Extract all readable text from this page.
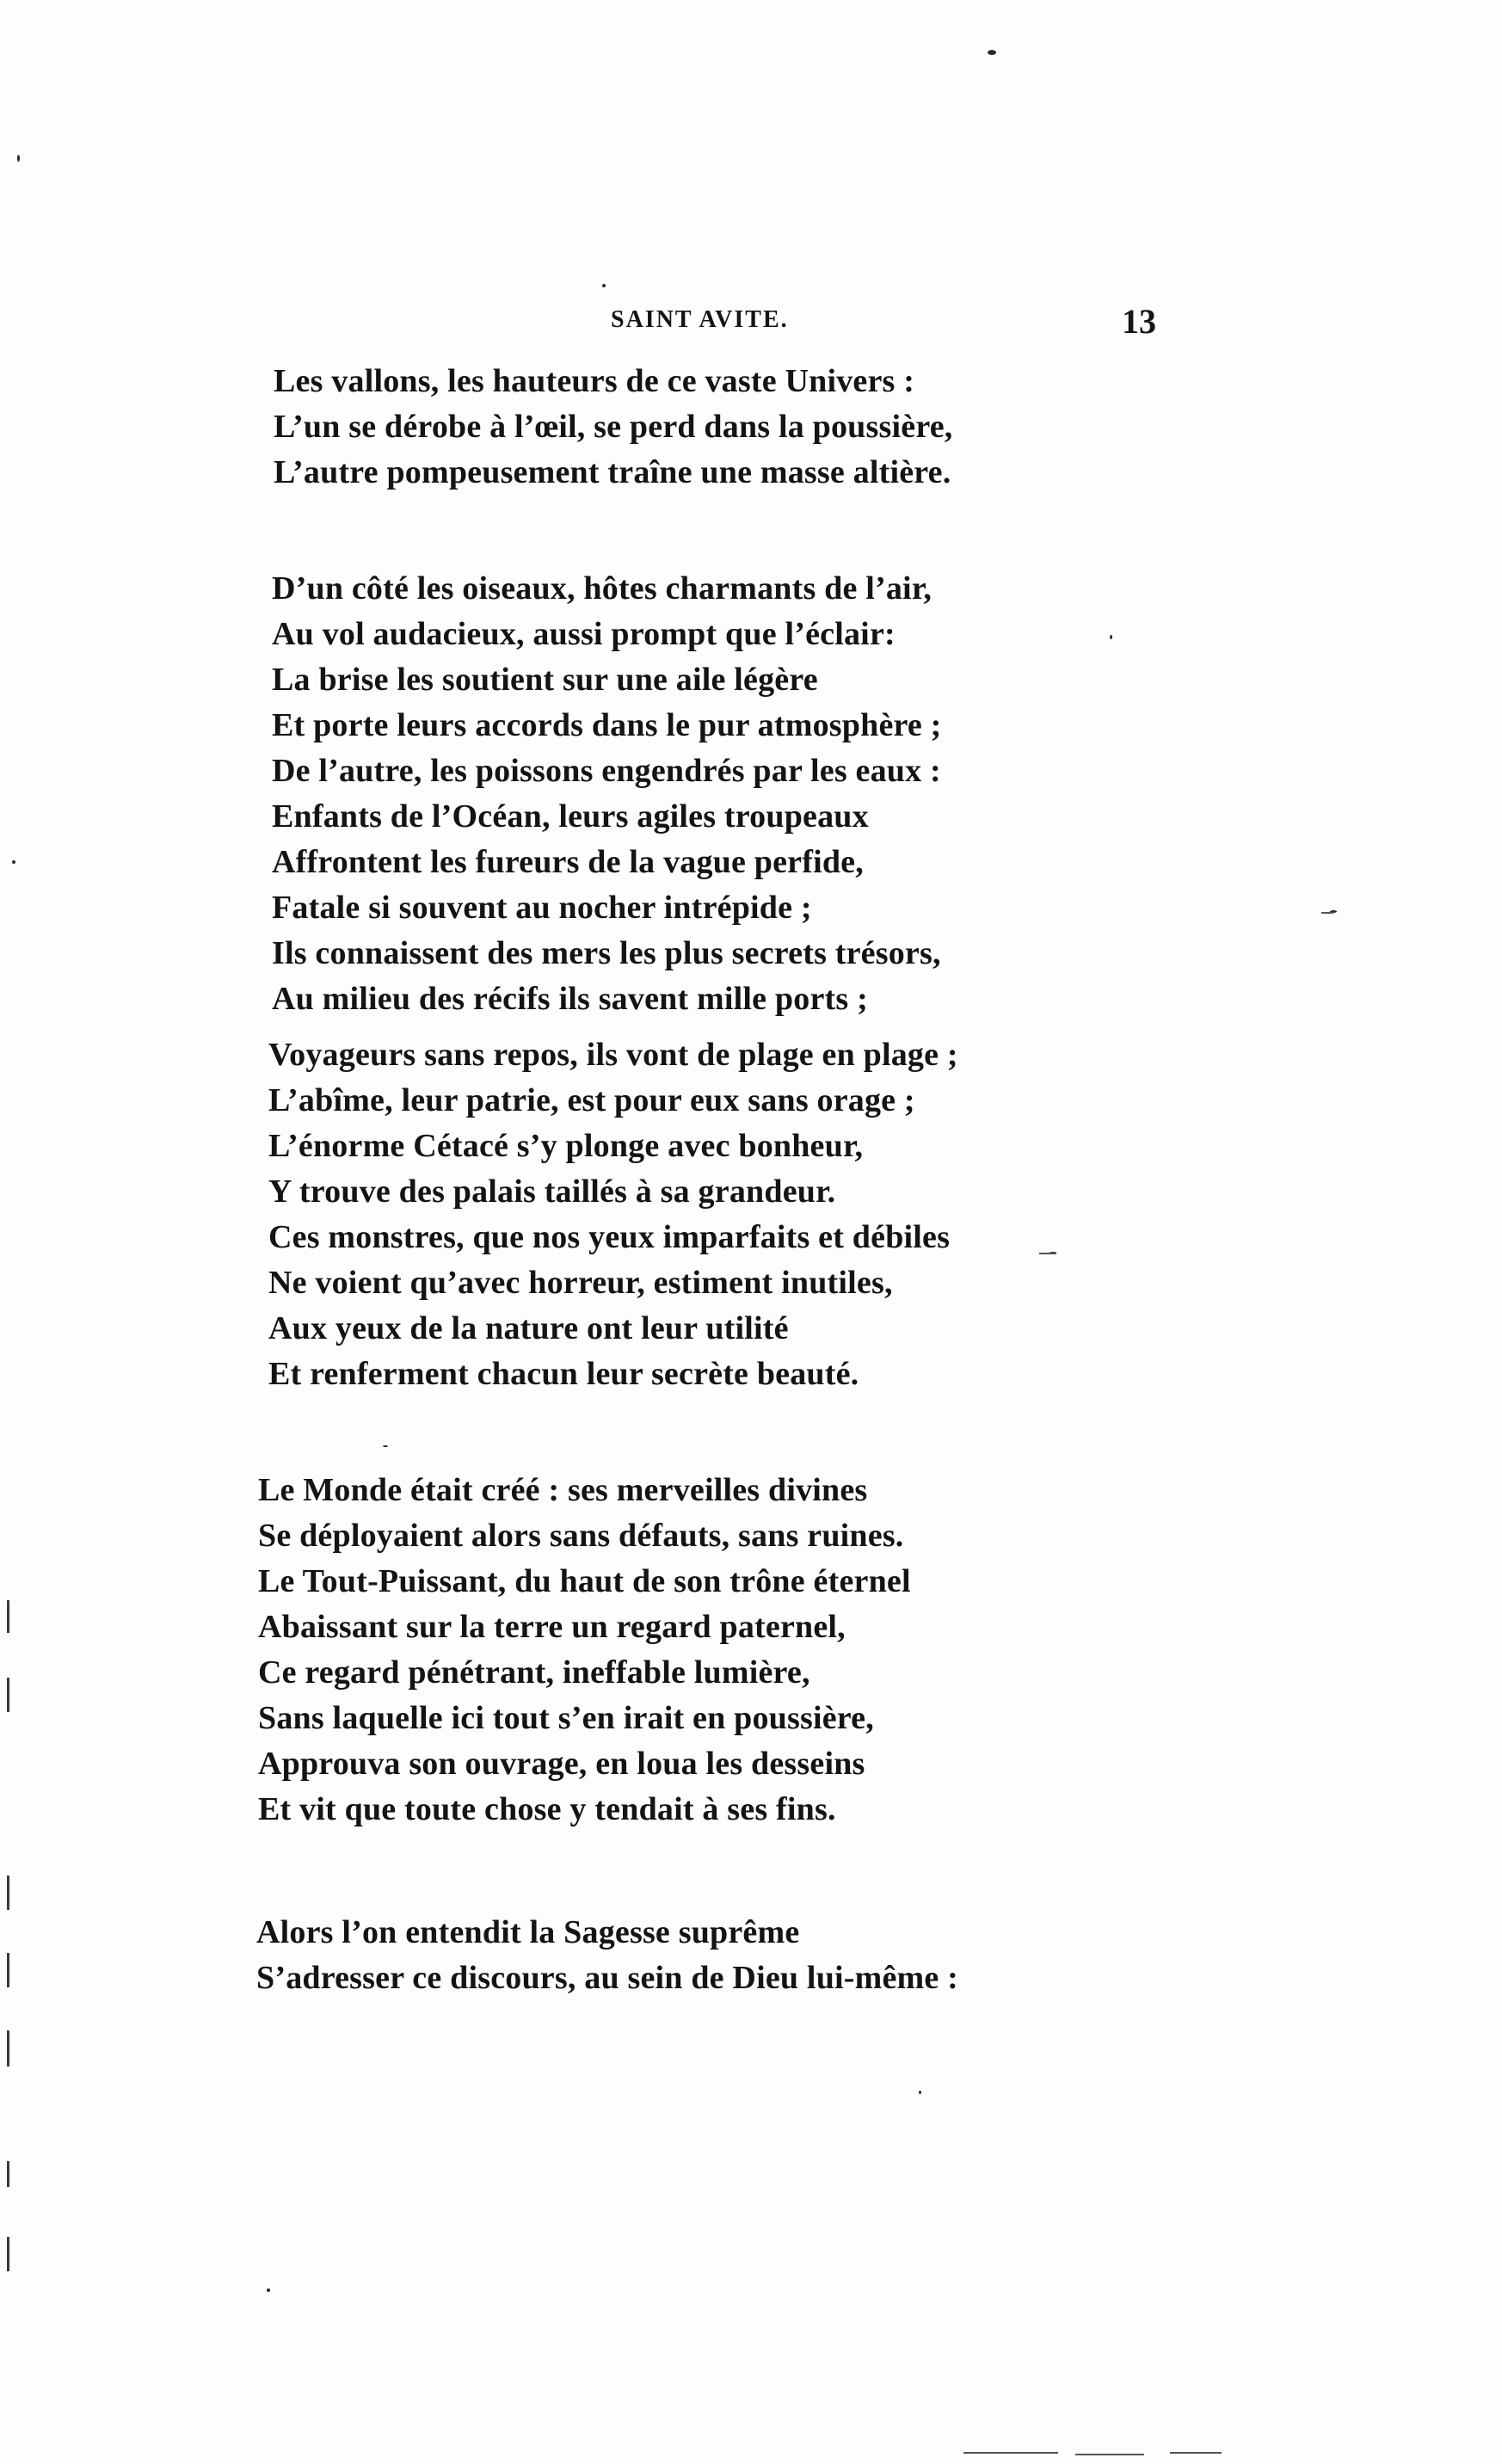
SAINT AVITE.	13
Les vallons, les hauteurs de ce vaste Univers :
L’un se dérobe à l’œil, se perd dans la poussière,
L’autre pompeusement traîne une masse altière.
D’un côté les oiseaux, hôtes charmants de l’air,
Au vol audacieux, aussi prompt que l’éclair:
La brise les soutient sur une aile légère
Et porte leurs accords dans le pur atmosphère ;
De l’autre, les poissons engendrés par les eaux :
Enfants de l’Océan, leurs agiles troupeaux
Affrontent les fureurs de la vague perfide,
Fatale si souvent au nocher intrépide ;
Ils connaissent des mers les plus secrets trésors,
Au milieu des récifs ils savent mille ports ;
Voyageurs sans repos, ils vont de plage en plage ;
L’abîme, leur patrie, est pour eux sans orage ;
L’énorme Cétacé s’y plonge avec bonheur,
Y trouve des palais taillés à sa grandeur.
Ces monstres, que nos yeux imparfaits et débiles
Ne voient qu’avec horreur, estiment inutiles,
Aux yeux de la nature ont leur utilité
Et renferment chacun leur secrète beauté.
Le Monde était créé : ses merveilles divines
Se déployaient alors sans défauts, sans ruines.
Le Tout-Puissant, du haut de son trône éternel
Abaissant sur la terre un regard paternel,
Ce regard pénétrant, ineffable lumière,
Sans laquelle ici tout s’en irait en poussière,
Approuva son ouvrage, en loua les desseins
Et vit que toute chose y tendait à ses fins.
Alors l’on entendit la Sagesse suprême
S’adresser ce discours, au sein de Dieu lui-même :
